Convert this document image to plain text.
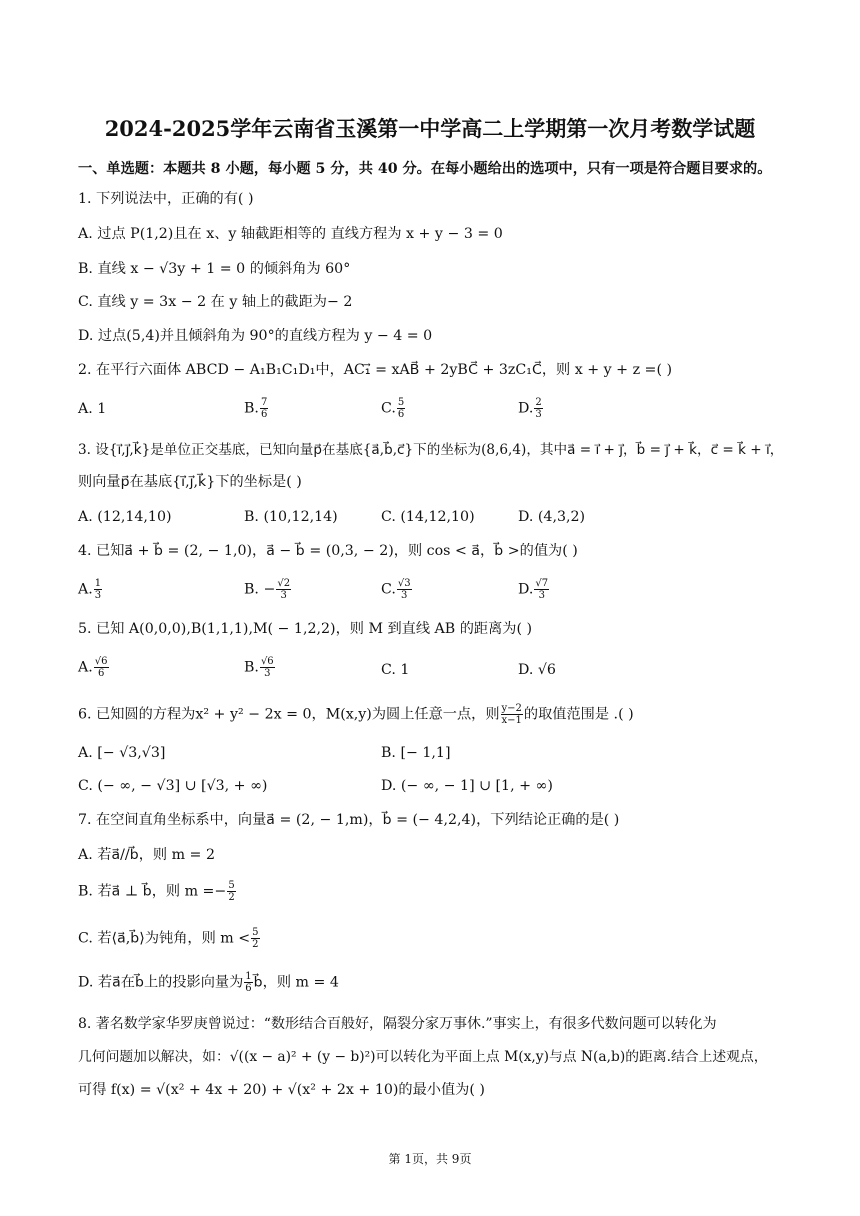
2024-2025学年云南省玉溪第一中学高二上学期第一次月考数学试题
一、单选题：本题共 8 小题，每小题 5 分，共 40 分。在每小题给出的选项中，只有一项是符合题目要求的。
1. 下列说法中，正确的有( )
A. 过点 P(1,2)且在 x、y 轴截距相等的 直线方程为 x + y − 3 = 0
B. 直线 x − √3y + 1 = 0 的倾斜角为 60°
C. 直线 y = 3x − 2 在 y 轴上的截距为− 2
D. 过点(5,4)并且倾斜角为 90°的直线方程为 y − 4 = 0
2. 在平行六面体 ABCD − A₁B₁C₁D₁中，AC₁⃗ = xAB⃗ + 2yBC⃗ + 3zC₁C⃗，则 x + y + z =( )
A. 1	B. $\frac{7}{6}$	C. $\frac{5}{6}$	D. $\frac{2}{3}$
3. 设{i⃗,j⃗,k⃗}是单位正交基底，已知向量p⃗在基底{a⃗,b⃗,c⃗}下的坐标为(8,6,4)，其中a⃗ = i⃗ + j⃗，b⃗ = j⃗ + k⃗，c⃗ = k⃗ + i⃗，
则向量p⃗在基底{i⃗,j⃗,k⃗}下的坐标是( )
A. (12,14,10)	B. (10,12,14)	C. (14,12,10)	D. (4,3,2)
4. 已知a⃗ + b⃗ = (2, − 1,0)，a⃗ − b⃗ = (0,3, − 2)，则 cos < a⃗，b⃗ >的值为( )
A. $\frac{1}{3}$	B. − $\frac{√2}{3}$	C. $\frac{√3}{3}$	D. $\frac{√7}{3}$
5. 已知 A(0,0,0),B(1,1,1),M( − 1,2,2)，则 M 到直线 AB 的距离为( )
A. $\frac{√6}{6}$	B. $\frac{√6}{3}$	C. 1	D. √6
6. 已知圆的方程为x² + y² − 2x = 0，M(x,y)为圆上任意一点，则 $\frac{y-2}{x-1}$ 的取值范围是 .( )
A. [− √3,√3]	B. [− 1,1]
C. (− ∞, − √3] ∪ [√3, + ∞)	D. (− ∞, − 1] ∪ [1, + ∞)
7. 在空间直角坐标系中，向量a⃗ = (2, − 1,m)，b⃗ = (− 4,2,4)，下列结论正确的是( )
A. 若a⃗//b⃗，则 m = 2
B. 若a⃗ ⊥ b⃗，则 $m =- \frac{5}{2}$
C. 若⟨a⃗,b⃗⟩为钝角，则 $m < \frac{5}{2}$
D. 若a⃗在b⃗上的投影向量为 $\frac{1}{6}$ b⃗，则 m = 4
8. 著名数学家华罗庚曾说过：“数形结合百般好，隔裂分家万事休.”事实上，有很多代数问题可以转化为
几何问题加以解决，如：√((x − a)² + (y − b)²)可以转化为平面上点 M(x,y)与点 N(a,b)的距离.结合上述观点，
可得 f(x) = √(x² + 4x + 20) + √(x² + 2x + 10)的最小值为( )
第 1页，共 9页
